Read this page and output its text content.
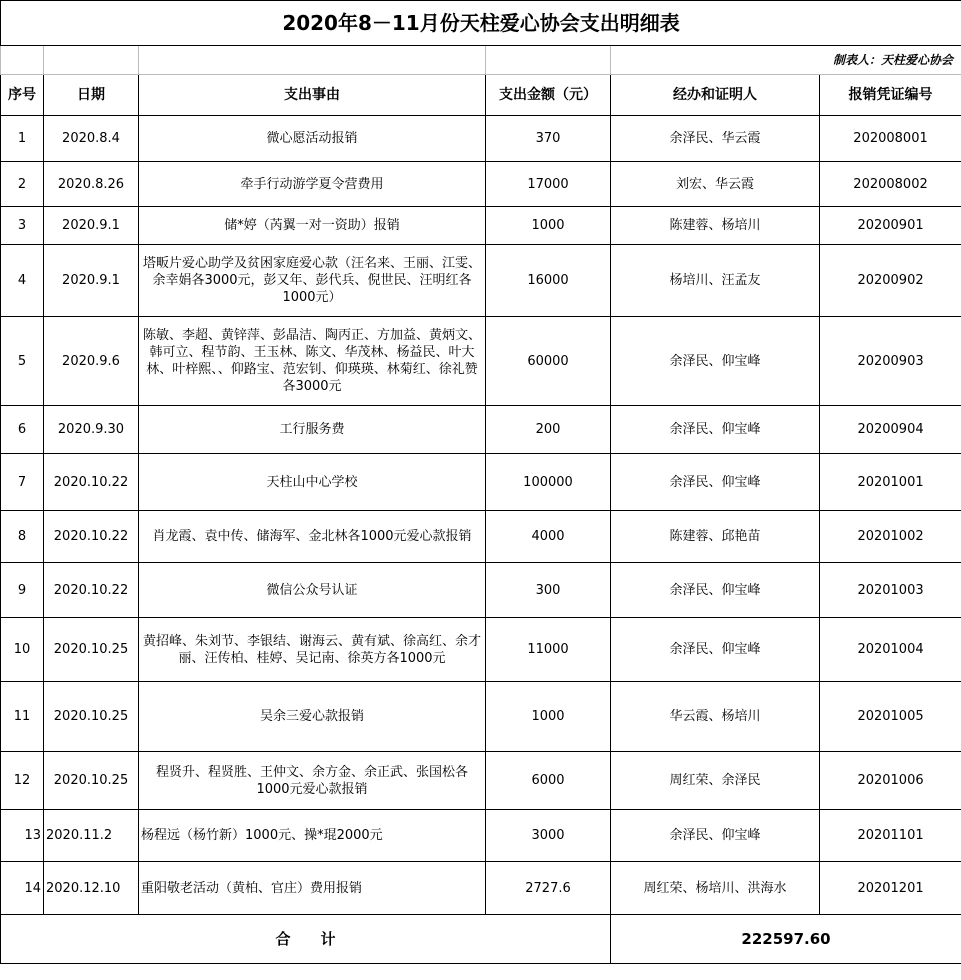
2020年8－11月份天柱爱心协会支出明细表					
				制表人：天柱爱心协会	
序号	日期	支出事由	支出金额（元）	经办和证明人	报销凭证编号
1	2020.8.4	微心愿活动报销	370	余泽民、华云霞	202008001
2	2020.8.26	牵手行动游学夏令营费用	17000	刘宏、华云霞	202008002
3	2020.9.1	储*婷（芮翼一对一资助）报销	1000	陈建蓉、杨培川	20200901
4	2020.9.1	塔畈片爱心助学及贫困家庭爱心款（汪名来、王丽、江雯、余幸娟各3000元，彭又年、彭代兵、倪世民、汪明红各1000元）	16000	杨培川、汪孟友	20200902
5	2020.9.6	陈敏、李超、黄锌萍、彭晶洁、陶丙正、方加益、黄炳文、韩可立、程节韵、王玉林、陈文、华茂林、杨益民、叶大林、叶梓熙、、仰路宝、范宏钊、仰瑛瑛、林菊红、徐礼赞各3000元	60000	余泽民、仰宝峰	20200903
6	2020.9.30	工行服务费	200	余泽民、仰宝峰	20200904
7	2020.10.22	天柱山中心学校	100000	余泽民、仰宝峰	20201001
8	2020.10.22	肖龙霞、袁中传、储海军、金北林各1000元爱心款报销	4000	陈建蓉、邱艳苗	20201002
9	2020.10.22	微信公众号认证	300	余泽民、仰宝峰	20201003
10	2020.10.25	黄招峰、朱刘节、李银结、谢海云、黄有斌、徐高红、余才丽、汪传柏、桂婷、吴记南、徐英方各1000元	11000	余泽民、仰宝峰	20201004
11	2020.10.25	吴余三爱心款报销	1000	华云霞、杨培川	20201005
12	2020.10.25	程贤升、程贤胜、王仲文、余方金、余正武、张国松各1000元爱心款报销	6000	周红荣、余泽民	20201006
13	2020.11.2	杨程远（杨竹新）1000元、操*琨2000元	3000	余泽民、仰宝峰	20201101
14	2020.12.10	重阳敬老活动（黄柏、官庄）费用报销	2727.6	周红荣、杨培川、洪海水	20201201
合　　计				222597.60	
